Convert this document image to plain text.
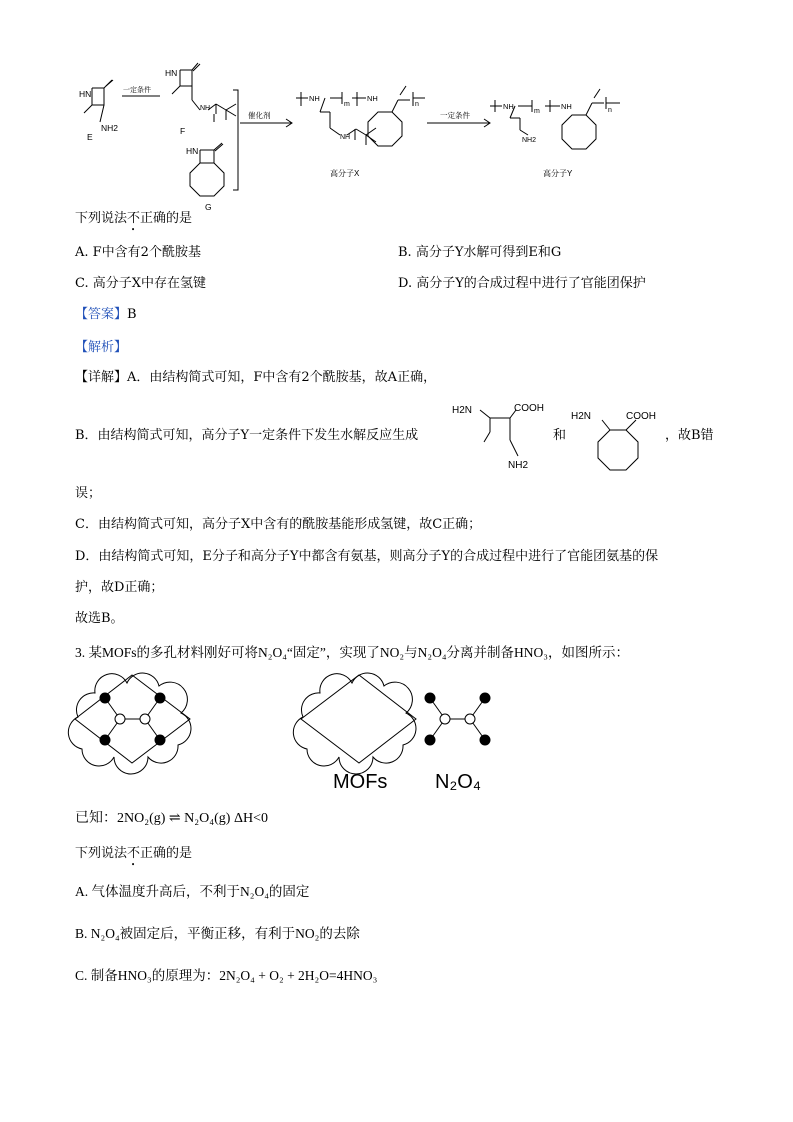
HN
NH2
E
一定条件
HN
NH
F
HN
G
催化剂
NH
m
NH
n
NH
高分子X
一定条件
NH
m
NH	n
NH2
高分子Y
下列说法不正确的是
A. F中含有2个酰胺基	B. 高分子Y水解可得到E和G
C. 高分子X中存在氢键	D. 高分子Y的合成过程中进行了官能团保护
【答案】B
【解析】
【详解】A．由结构简式可知，F中含有2个酰胺基，故A正确，
B．由结构简式可知，高分子Y一定条件下发生水解反应生成
H2N	COOH
NH2
H2N	COOH
和	，故B错
误；
C．由结构简式可知，高分子X中含有的酰胺基能形成氢键，故C正确；
D．由结构简式可知，E分子和高分子Y中都含有氨基，则高分子Y的合成过程中进行了官能团氨基的保
护，故D正确；
故选B。
3. 某MOFs的多孔材料刚好可将N₂O₄“固定”，实现了NO₂与N₂O₄分离并制备HNO₃，如图所示：
MOFs N₂O₄
已知：2NO₂(g) ⇌ N₂O₄(g) ΔH<0
下列说法不正确的是
A. 气体温度升高后，不利于N₂O₄的固定
B. N₂O₄被固定后，平衡正移，有利于NO₂的去除
C. 制备HNO₃的原理为：2N₂O₄ + O₂ + 2H₂O=4HNO₃
